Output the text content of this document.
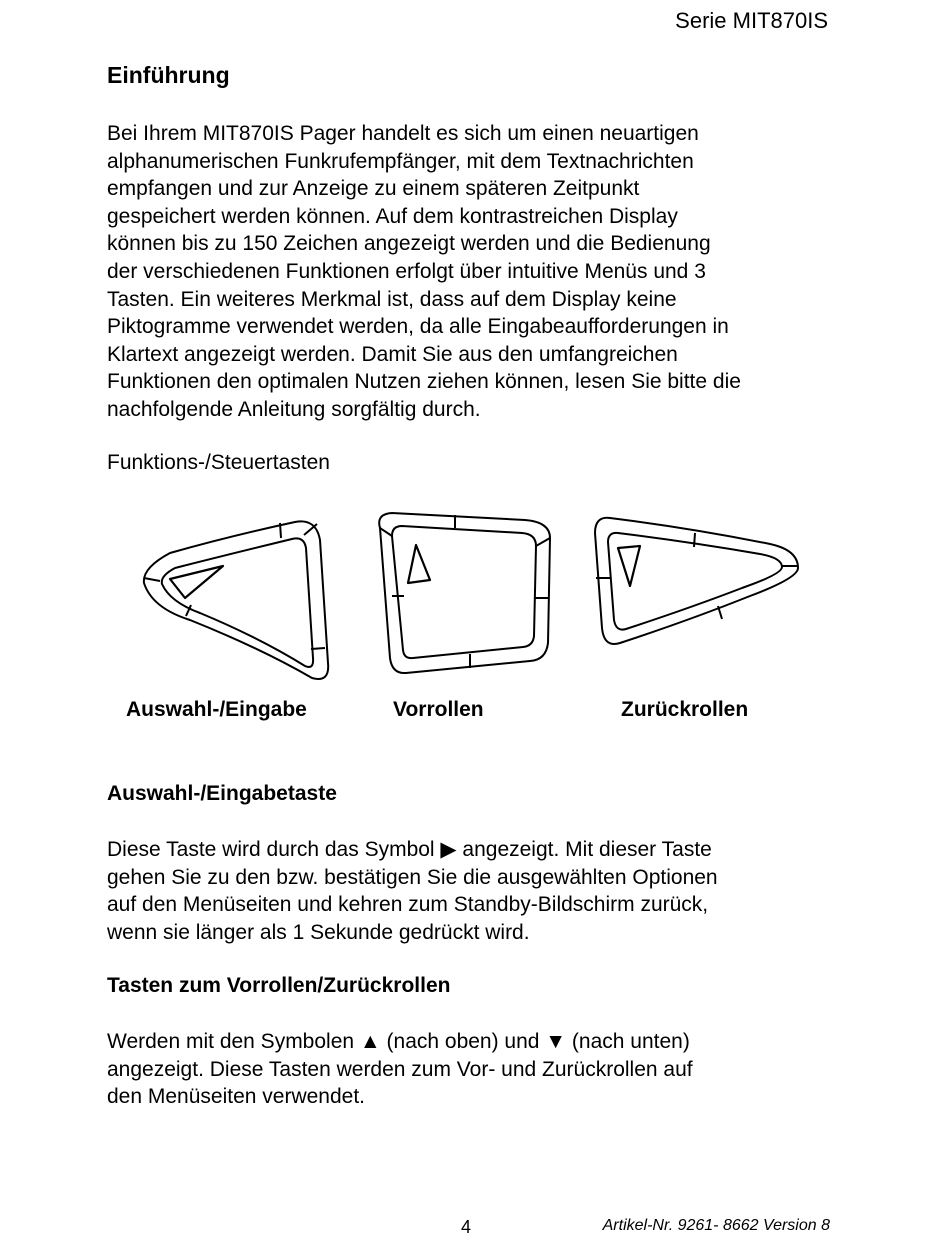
Serie MIT870IS
Einführung
Bei Ihrem MIT870IS Pager handelt es sich um einen neuartigen
alphanumerischen Funkrufempfänger, mit dem Textnachrichten
empfangen und zur Anzeige zu einem späteren Zeitpunkt
gespeichert werden können. Auf dem kontrastreichen Display
können bis zu 150 Zeichen angezeigt werden und die Bedienung
der verschiedenen Funktionen erfolgt über intuitive Menüs und 3
Tasten. Ein weiteres Merkmal ist, dass auf dem Display keine
Piktogramme verwendet werden, da alle Eingabeaufforderungen in
Klartext angezeigt werden. Damit Sie aus den umfangreichen
Funktionen den optimalen Nutzen ziehen können, lesen Sie bitte die
nachfolgende Anleitung sorgfältig durch.
Funktions-/Steuertasten
Auswahl-/Eingabe	Vorrollen	Zurückrollen
Auswahl-/Eingabetaste
Diese Taste wird durch das Symbol ▶ angezeigt. Mit dieser Taste
gehen Sie zu den bzw. bestätigen Sie die ausgewählten Optionen
auf den Menüseiten und kehren zum Standby-Bildschirm zurück,
wenn sie länger als 1 Sekunde gedrückt wird.
Tasten zum Vorrollen/Zurückrollen
Werden mit den Symbolen ▲ (nach oben) und ▼ (nach unten)
angezeigt. Diese Tasten werden zum Vor- und Zurückrollen auf
den Menüseiten verwendet.
4	Artikel-Nr. 9261- 8662 Version 8
